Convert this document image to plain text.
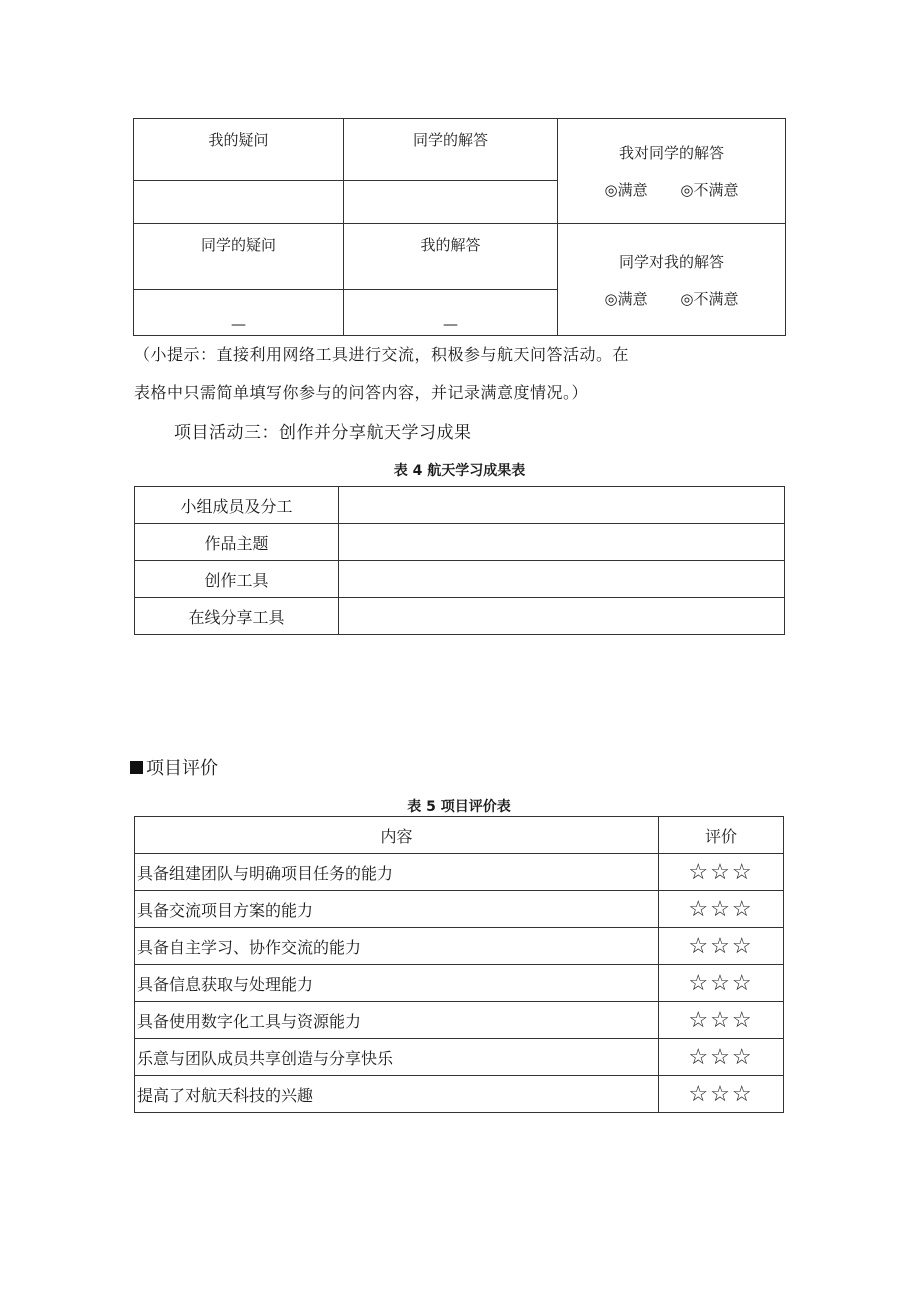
我的疑问	同学的解答	我对同学的解答
◎满意 ◎不满意

同学的疑问	我的解答	同学对我的解答
◎满意 ◎不满意

—	—	
（小提示：直接利用网络工具进行交流，积极参与航天问答活动。在
表格中只需简单填写你参与的问答内容，并记录满意度情况。）
项目活动三：创作并分享航天学习成果
表 4 航天学习成果表
小组成员及分工	
作品主题	
创作工具	
在线分享工具	
项目评价
表 5 项目评价表
内容	评价
具备组建团队与明确项目任务的能力	☆☆☆
具备交流项目方案的能力	☆☆☆
具备自主学习、协作交流的能力	☆☆☆
具备信息获取与处理能力	☆☆☆
具备使用数字化工具与资源能力	☆☆☆
乐意与团队成员共享创造与分享快乐	☆☆☆
提高了对航天科技的兴趣	☆☆☆
